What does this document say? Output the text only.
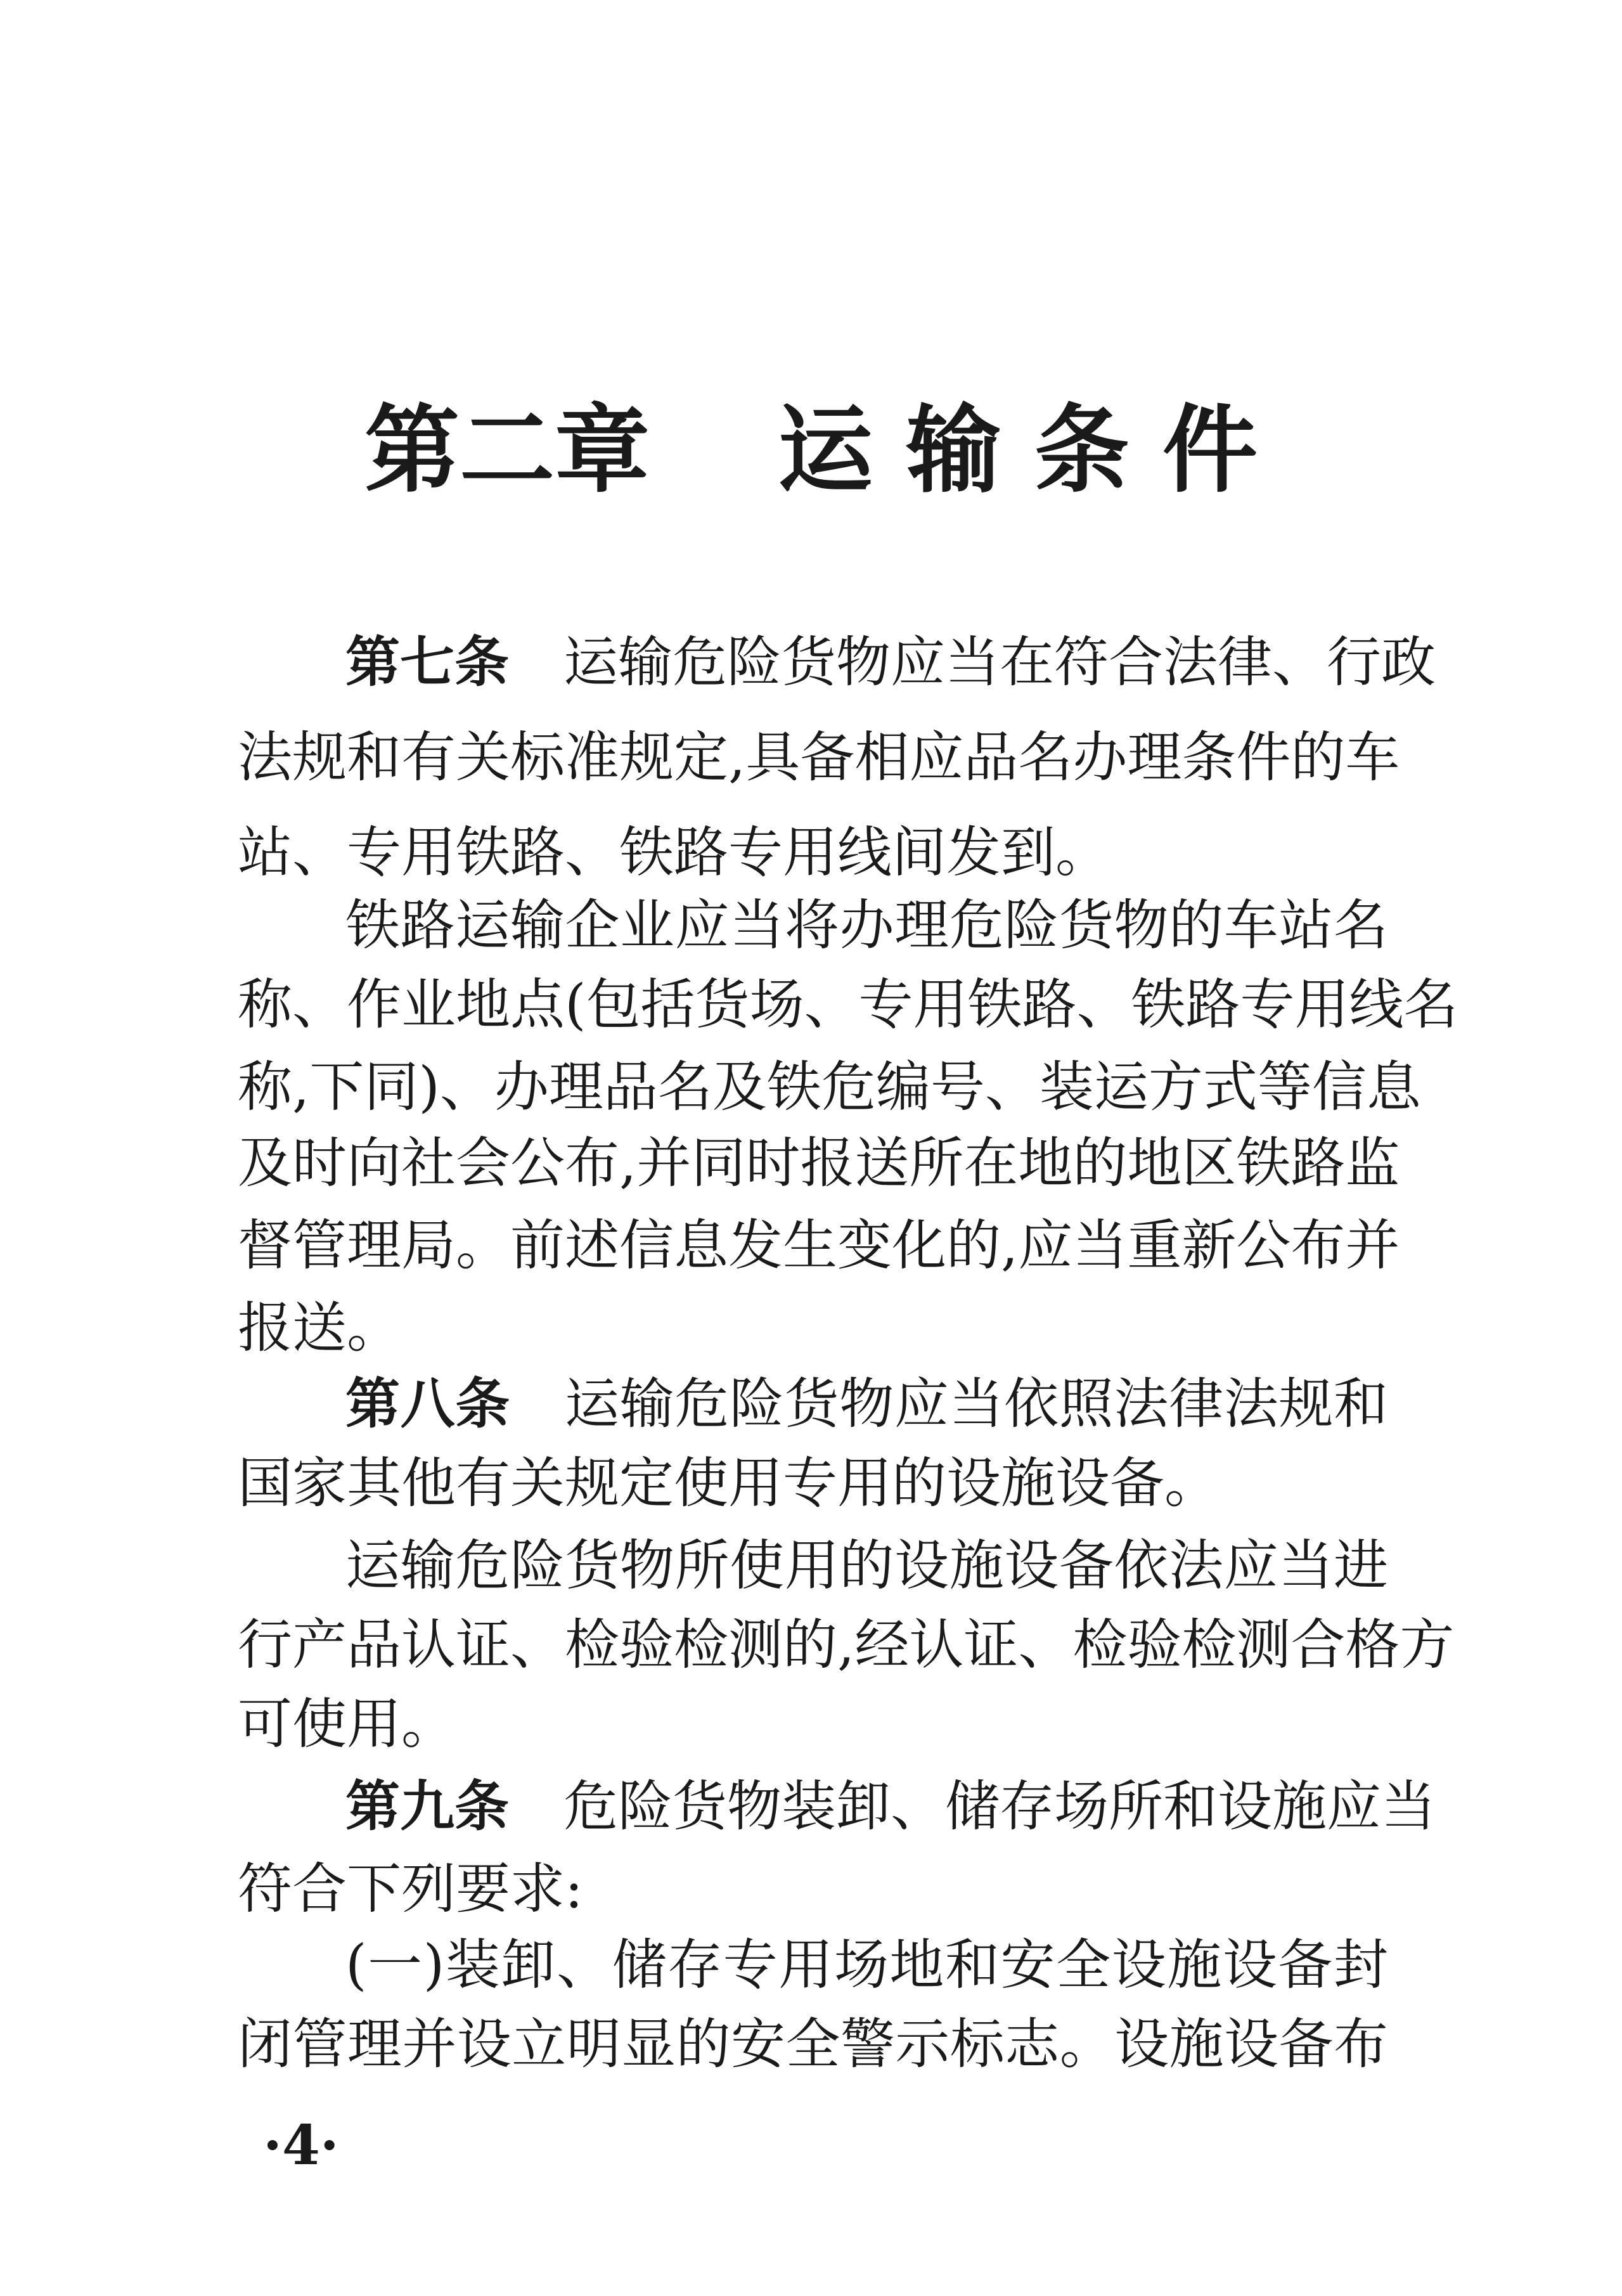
第二章　 运 输 条 件
第七条 运输危险货物应当在符合法律、行政
法规和有关标准规定,具备相应品名办理条件的车
站、专用铁路、铁路专用线间发到。
铁路运输企业应当将办理危险货物的车站名
称、作业地点(包括货场、专用铁路、铁路专用线名
称,下同)、办理品名及铁危编号、装运方式等信息
及时向社会公布,并同时报送所在地的地区铁路监
督管理局。前述信息发生变化的,应当重新公布并
报送。
第八条 运输危险货物应当依照法律法规和
国家其他有关规定使用专用的设施设备。
运输危险货物所使用的设施设备依法应当进
行产品认证、检验检测的,经认证、检验检测合格方
可使用。
第九条 危险货物装卸、储存场所和设施应当
符合下列要求:
(一)装卸、储存专用场地和安全设施设备封
闭管理并设立明显的安全警示标志。设施设备布
·4·
